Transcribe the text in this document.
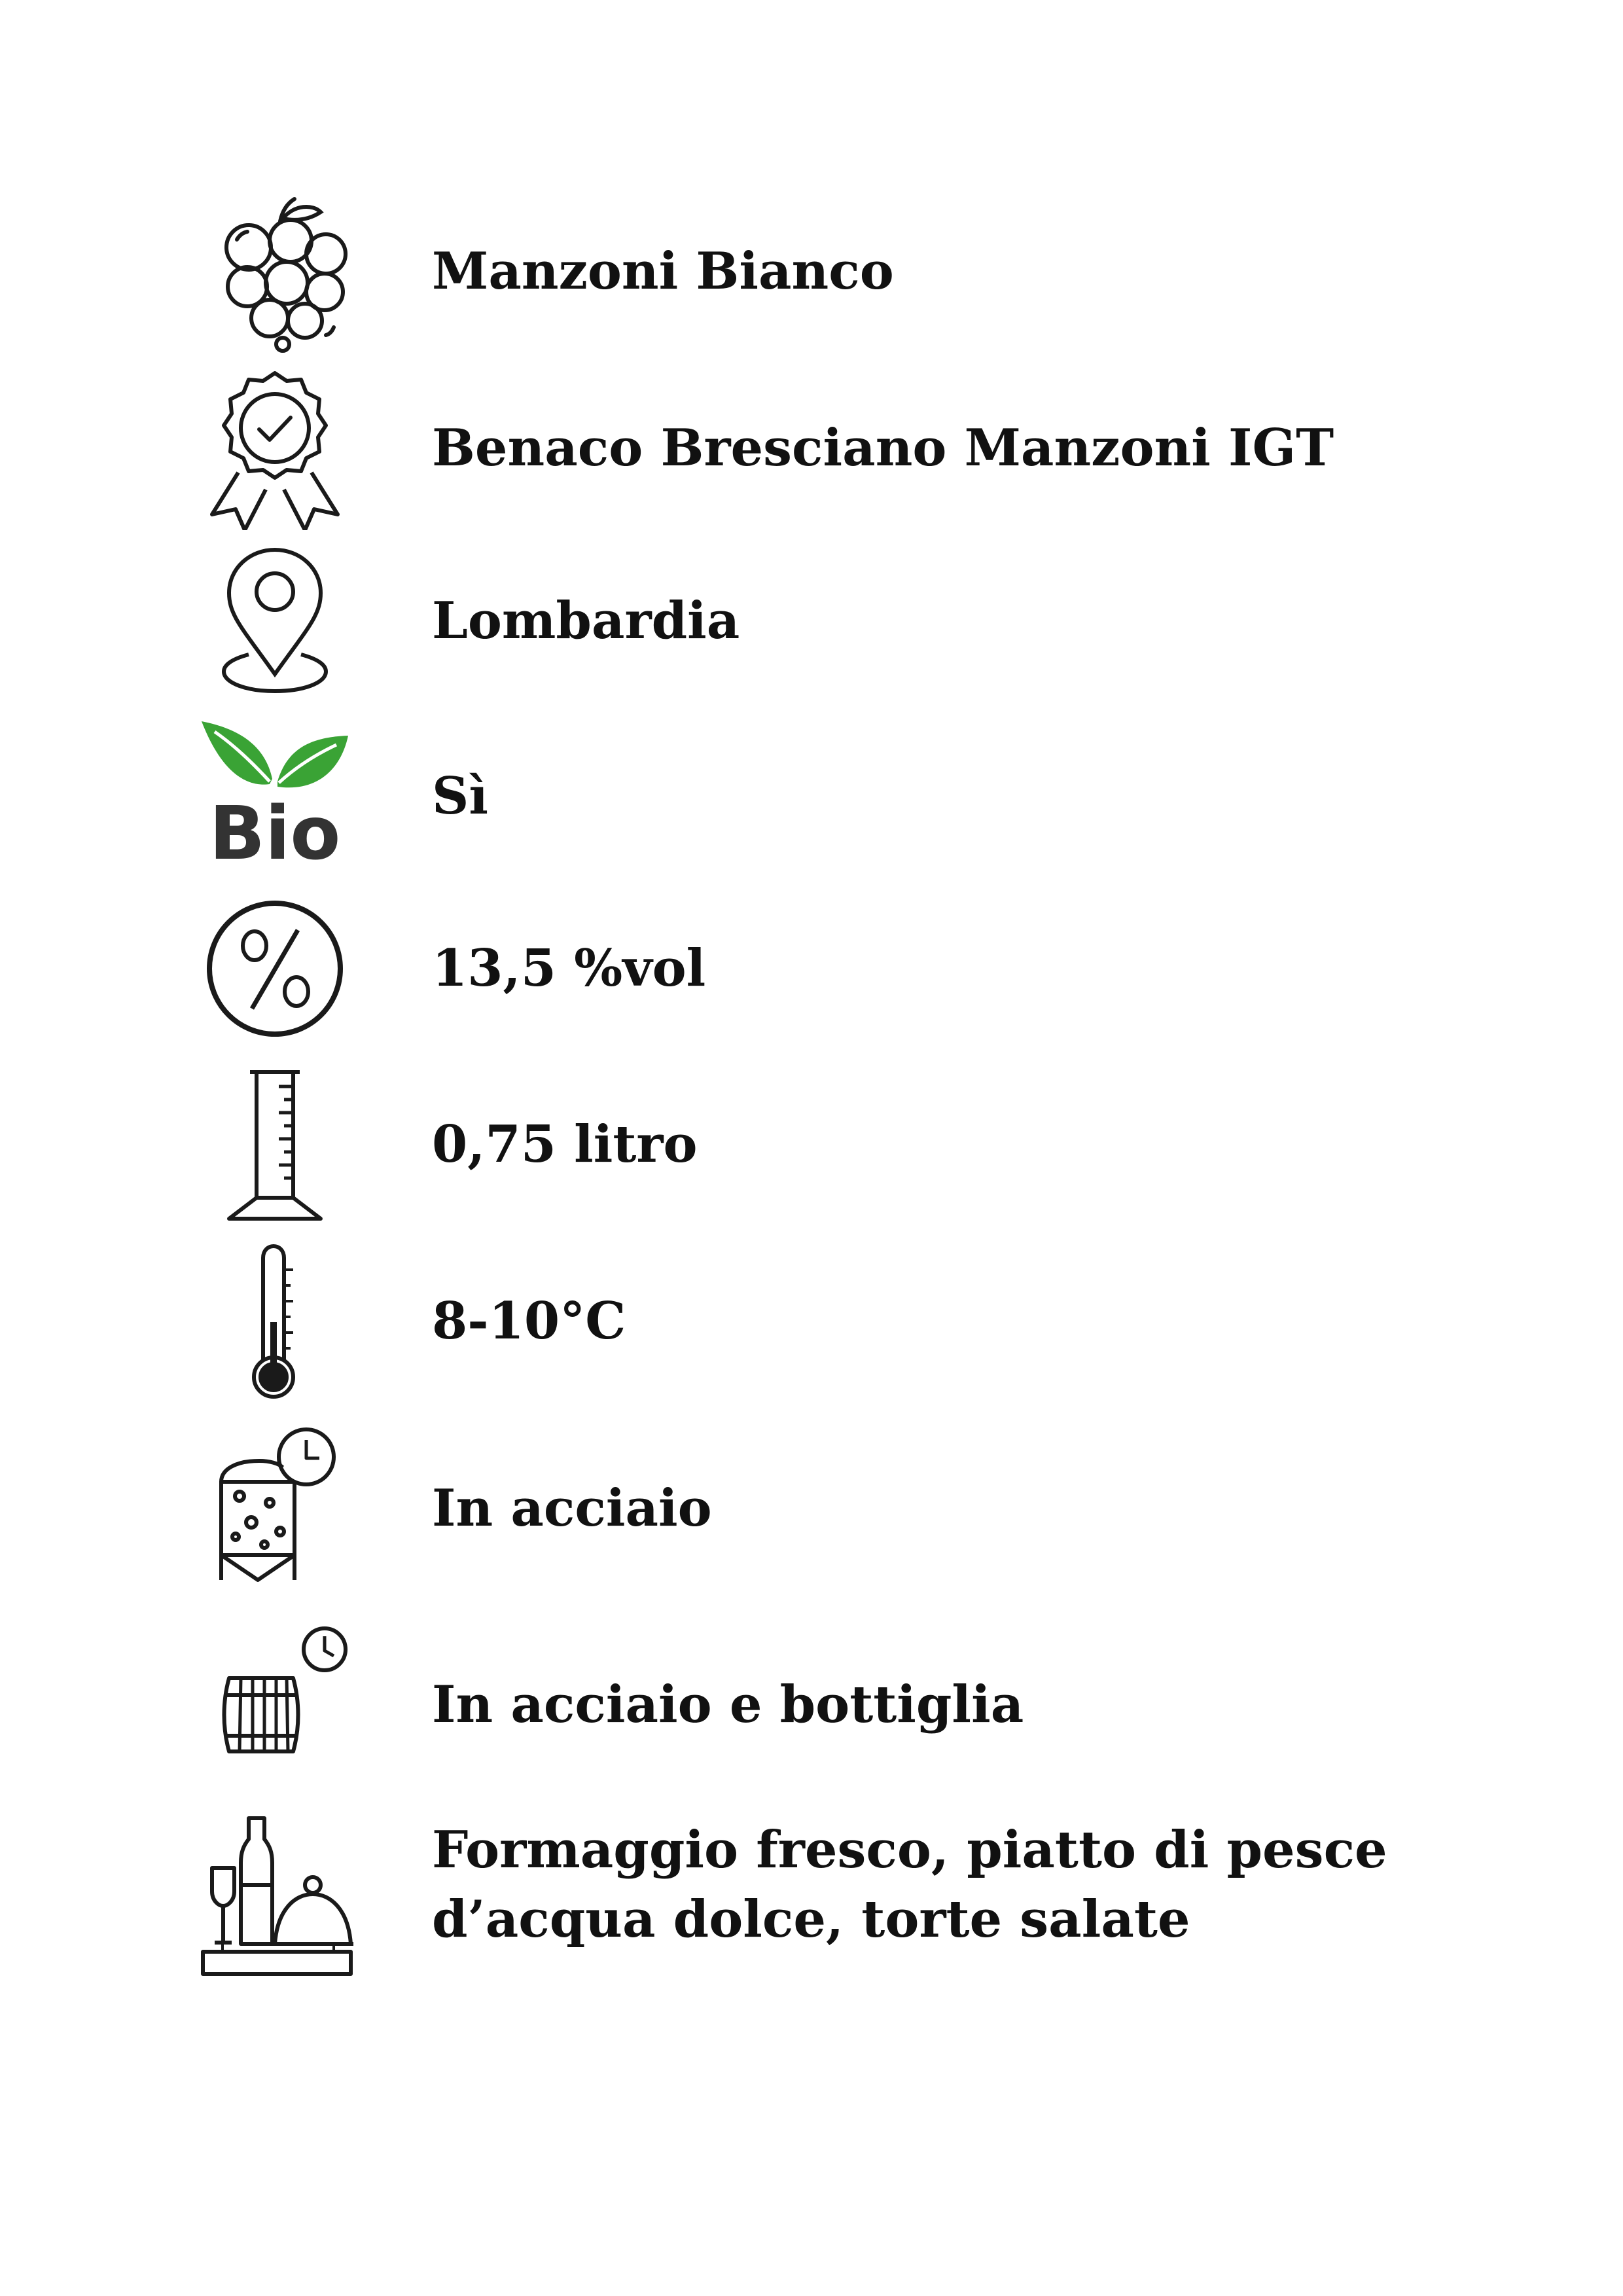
Manzoni Bianco
Benaco Bresciano Manzoni IGT
Lombardia
Bio Sì
13,5 %vol
0,75 litro
8-10°C
In acciaio
In acciaio e bottiglia
Formaggio fresco, piatto di pesce
d’acqua dolce, torte salate
